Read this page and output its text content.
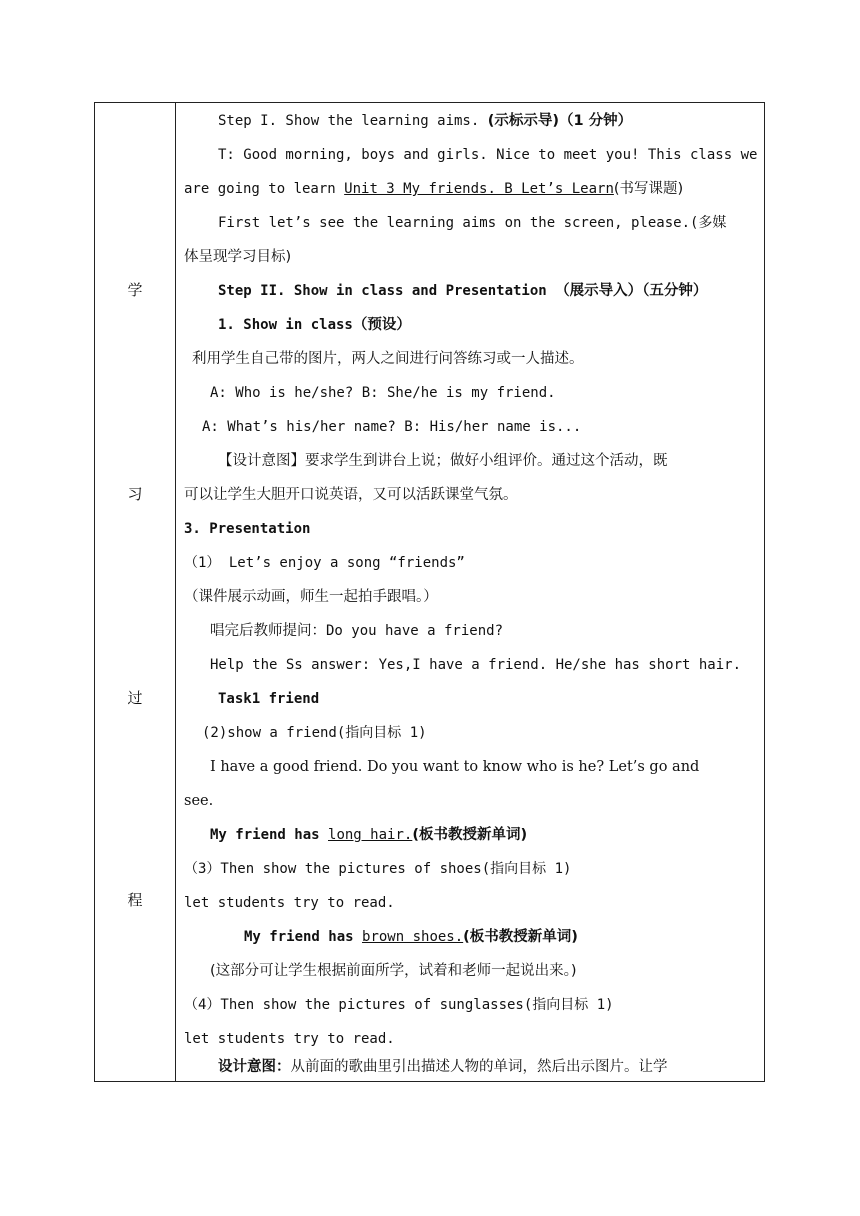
学
习
过
程
Step I. Show the learning aims. (示标示导)（1 分钟）
T: Good morning, boys and girls. Nice to meet you! This class we
are going to learn Unit 3 My friends. B Let’s Learn(书写课题)
First let’s see the learning aims on the screen, please.(多媒
体呈现学习目标)
Step II. Show in class and Presentation （展示导入）（五分钟）
1. Show in class（预设）
利用学生自己带的图片，两人之间进行问答练习或一人描述。
A: Who is he/she? B: She/he is my friend.
A: What’s his/her name? B: His/her name is...
【设计意图】要求学生到讲台上说；做好小组评价。通过这个活动，既
可以让学生大胆开口说英语，又可以活跃课堂气氛。
3. Presentation
（1） Let’s enjoy a song “friends”
（课件展示动画，师生一起拍手跟唱。）
唱完后教师提问：Do you have a friend?
Help the Ss answer: Yes,I have a friend. He/she has short hair.
Task1 friend
(2)show a friend(指向目标 1)
I have a good friend. Do you want to know who is he? Let’s go and
see.
My friend has long hair.(板书教授新单词)
（3）Then show the pictures of shoes(指向目标 1)
let students try to read.
My friend has brown shoes.(板书教授新单词)
(这部分可让学生根据前面所学，试着和老师一起说出来。)
（4）Then show the pictures of sunglasses(指向目标 1)
let students try to read.
设计意图：从前面的歌曲里引出描述人物的单词，然后出示图片。让学
